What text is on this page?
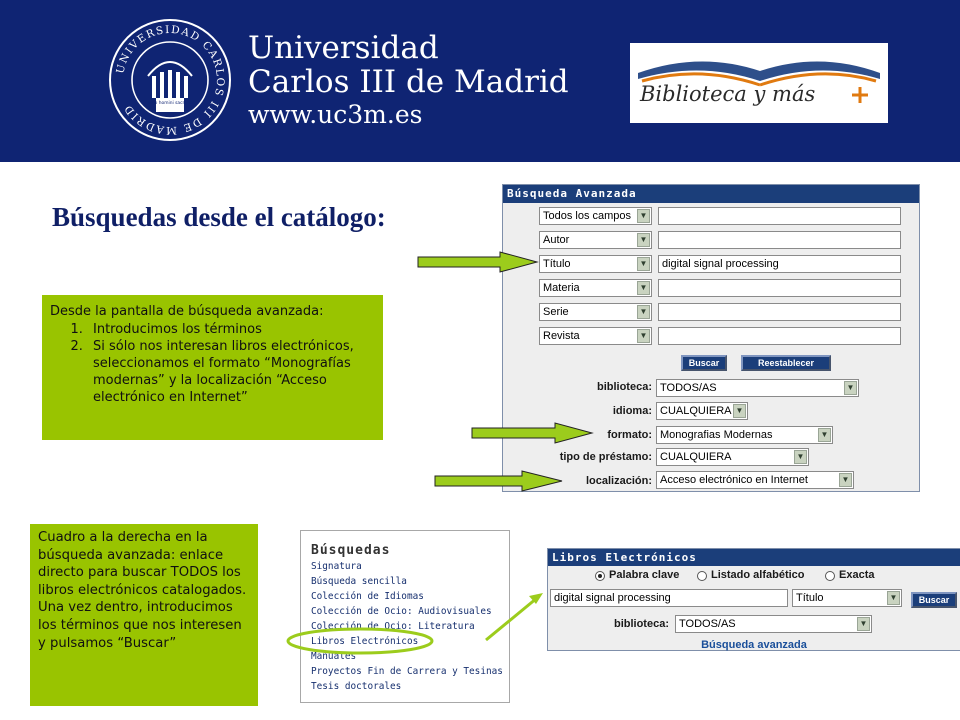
UNIVERSIDAD CARLOS III DE MADRID	homo homini sacra res
Universidad
Carlos III de Madrid
www.uc3m.es
Biblioteca y más
Búsquedas desde el catálogo:
Desde la pantalla de búsqueda avanzada:
1. Introducimos los términos
2. Si sólo nos interesan libros electrónicos, seleccionamos el formato “Monografías modernas” y la localización “Acceso electrónico en Internet”
Búsqueda Avanzada
Todos los campos	▼
Autor	▼
Título	▼	digital signal processing
Materia	▼
Serie	▼
Revista	▼
Buscar	Reestablecer
biblioteca: TODOS/AS	▼
idioma: CUALQUIERA ▼
formato: Monografias Modernas	▼
tipo de préstamo: CUALQUIERA	▼
localización: Acceso electrónico en Internet	▼
Cuadro a la derecha en la búsqueda avanzada: enlace directo para buscar TODOS los libros electrónicos catalogados. Una vez dentro, introducimos los términos que nos interesen y pulsamos “Buscar”
Búsquedas
Signatura
Búsqueda sencilla
Colección de Idiomas
Colección de Ocio: Audiovisuales
Colección de Ocio: Literatura
Libros Electrónicos
Manuales
Proyectos Fin de Carrera y Tesinas
Tesis doctorales
Libros Electrónicos
Palabra clave	Listado alfabético	Exacta
digital signal processing	Título	▼	Buscar
biblioteca: TODOS/AS	▼
Búsqueda avanzada
